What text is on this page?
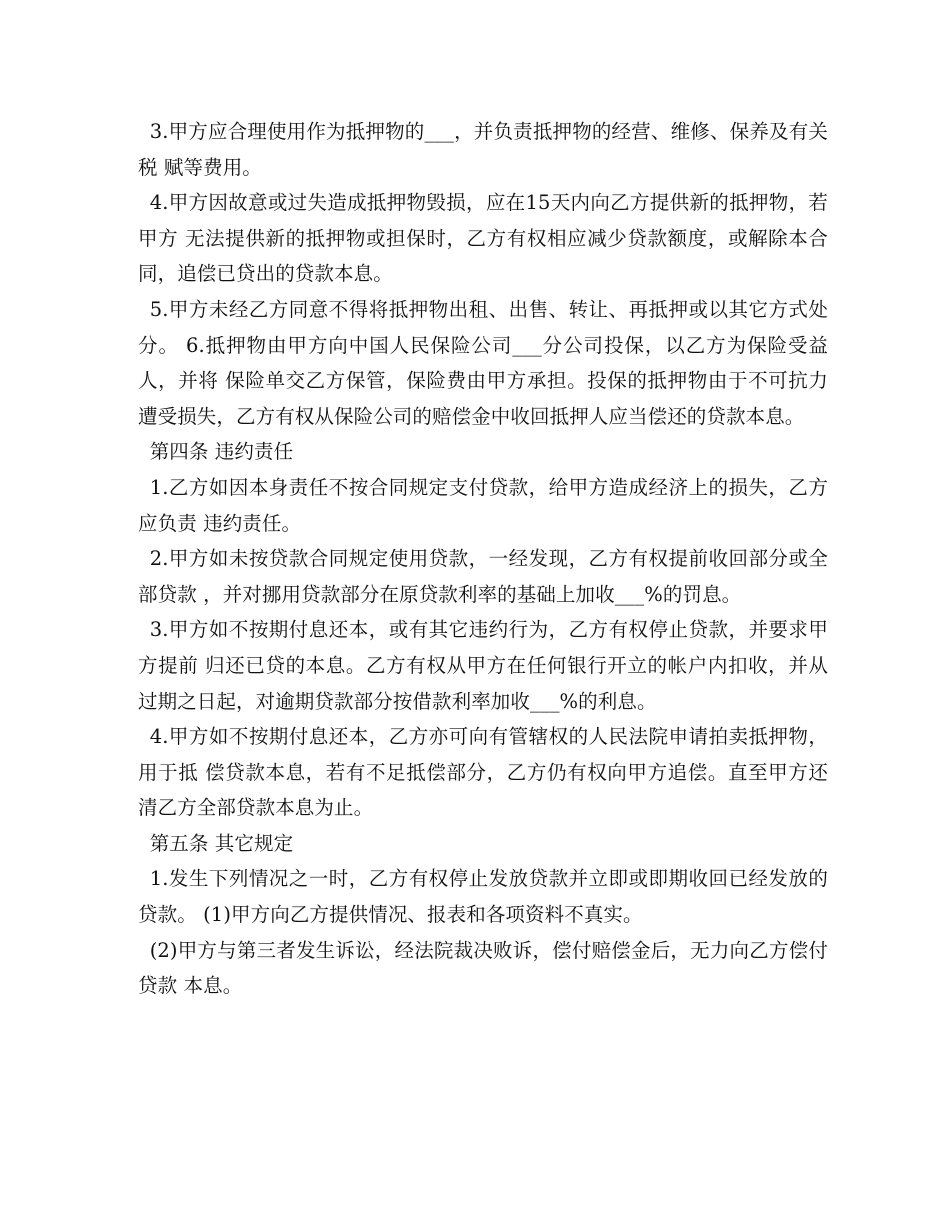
3.甲方应合理使用作为抵押物的___，并负责抵押物的经营、维修、保养及有关税 赋等费用。

4.甲方因故意或过失造成抵押物毁损，应在15天内向乙方提供新的抵押物，若甲方 无法提供新的抵押物或担保时，乙方有权相应减少贷款额度，或解除本合同，追偿已贷出的贷款本息。

5.甲方未经乙方同意不得将抵押物出租、出售、转让、再抵押或以其它方式处分。 6.抵押物由甲方向中国人民保险公司___分公司投保，以乙方为保险受益人，并将 保险单交乙方保管，保险费由甲方承担。投保的抵押物由于不可抗力遭受损失，乙方有权从保险公司的赔偿金中收回抵押人应当偿还的贷款本息。

第四条 违约责任

1.乙方如因本身责任不按合同规定支付贷款，给甲方造成经济上的损失，乙方应负责 违约责任。

2.甲方如未按贷款合同规定使用贷款，一经发现，乙方有权提前收回部分或全部贷款 ，并对挪用贷款部分在原贷款利率的基础上加收___%的罚息。

3.甲方如不按期付息还本，或有其它违约行为，乙方有权停止贷款，并要求甲方提前 归还已贷的本息。乙方有权从甲方在任何银行开立的帐户内扣收，并从过期之日起，对逾期贷款部分按借款利率加收___%的利息。

4.甲方如不按期付息还本，乙方亦可向有管辖权的人民法院申请拍卖抵押物，用于抵 偿贷款本息，若有不足抵偿部分，乙方仍有权向甲方追偿。直至甲方还清乙方全部贷款本息为止。

第五条 其它规定

1.发生下列情况之一时，乙方有权停止发放贷款并立即或即期收回已经发放的贷款。 (1)甲方向乙方提供情况、报表和各项资料不真实。

(2)甲方与第三者发生诉讼，经法院裁决败诉，偿付赔偿金后，无力向乙方偿付贷款 本息。
